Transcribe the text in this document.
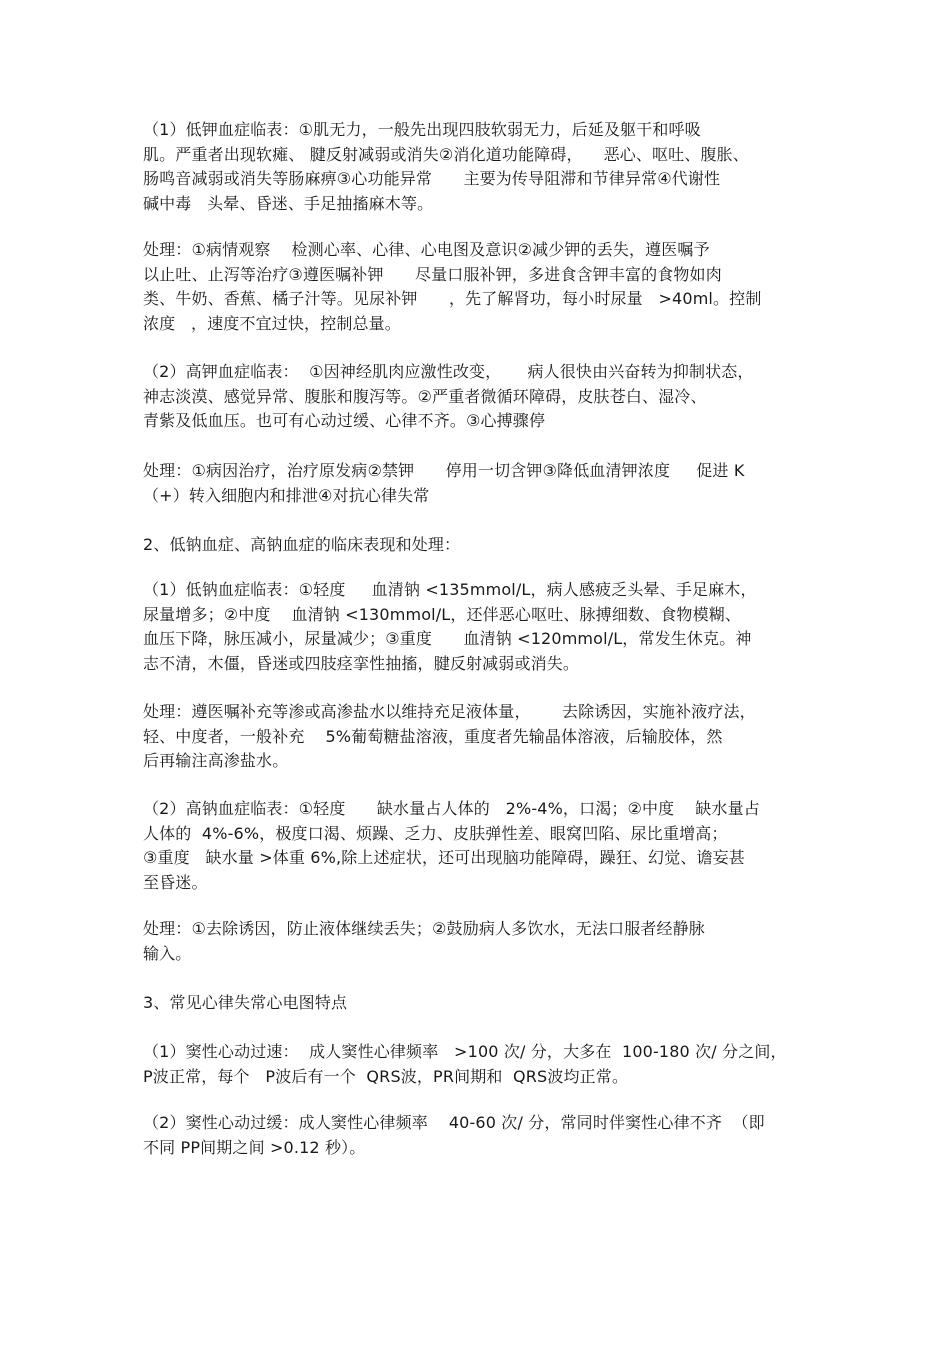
（1）低钾血症临表：①肌无力，一般先出现四肢软弱无力，后延及躯干和呼吸
肌。严重者出现软瘫、 腱反射减弱或消失②消化道功能障碍，    恶心、呕吐、腹胀、
肠鸣音减弱或消失等肠麻痹③心功能异常      主要为传导阻滞和节律异常④代谢性
碱中毒   头晕、昏迷、手足抽搐麻木等。
处理：①病情观察    检测心率、心律、心电图及意识②减少钾的丢失，遵医嘱予
以止吐、止泻等治疗③遵医嘱补钾      尽量口服补钾，多进食含钾丰富的食物如肉
类、牛奶、香蕉、橘子汁等。见尿补钾      ，先了解肾功，每小时尿量   >40ml。控制
浓度   ，速度不宜过快，控制总量。
（2）高钾血症临表：  ①因神经肌肉应激性改变，     病人很快由兴奋转为抑制状态，
神志淡漠、感觉异常、腹胀和腹泻等。②严重者微循环障碍，皮肤苍白、湿冷、
青紫及低血压。也可有心动过缓、心律不齐。③心搏骤停
处理：①病因治疗，治疗原发病②禁钾      停用一切含钾③降低血清钾浓度     促进 K
（+）转入细胞内和排泄④对抗心律失常
2、低钠血症、高钠血症的临床表现和处理：
（1）低钠血症临表：①轻度     血清钠 <135mmol/L，病人感疲乏头晕、手足麻木，
尿量增多；②中度    血清钠 <130mmol/L，还伴恶心呕吐、脉搏细数、食物模糊、
血压下降，脉压减小，尿量减少；③重度      血清钠 <120mmol/L，常发生休克。神
志不清，木僵，昏迷或四肢痉挛性抽搐，腱反射减弱或消失。
处理：遵医嘱补充等渗或高渗盐水以维持充足液体量，      去除诱因，实施补液疗法，
轻、中度者，一般补充    5%葡萄糖盐溶液，重度者先输晶体溶液，后输胶体，然
后再输注高渗盐水。
（2）高钠血症临表：①轻度      缺水量占人体的   2%-4%，口渴；②中度    缺水量占
人体的  4%-6%，极度口渴、烦躁、乏力、皮肤弹性差、眼窝凹陷、尿比重增高；
③重度   缺水量 >体重 6%,除上述症状，还可出现脑功能障碍，躁狂、幻觉、谵妄甚
至昏迷。
处理：①去除诱因，防止液体继续丢失；②鼓励病人多饮水，无法口服者经静脉
输入。
3、常见心律失常心电图特点
（1）窦性心动过速：  成人窦性心律频率   >100 次/ 分，大多在  100-180 次/ 分之间，
P波正常，每个   P波后有一个  QRS波，PR间期和  QRS波均正常。
（2）窦性心动过缓：成人窦性心律频率    40-60 次/ 分，常同时伴窦性心律不齐  （即
不同 PP间期之间 >0.12 秒）。
